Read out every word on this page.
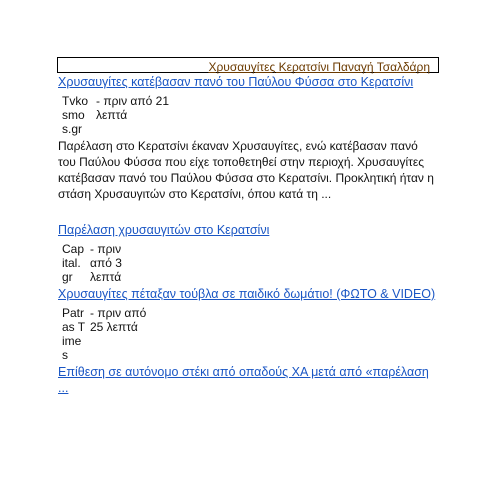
Χρυσαυγίτες Κερατσίνι Παναγή Τσαλδάρη
Χρυσαυγίτες κατέβασαν πανό του Παύλου Φύσσα στο Κερατσίνι
Tvkosmos.gr	- πριν από 21 λεπτά

Παρέλαση στο Κερατσίνι έκαναν Χρυσαυγίτες, ενώ κατέβασαν πανό του Παύλου Φύσσα που είχε τοποθετηθεί στην περιοχή. Χρυσαυγίτες κατέβασαν πανό του Παύλου Φύσσα στο Κερατσίνι. Προκλητική ήταν η στάση Χρυσαυγιτών στο Κερατσίνι, όπου κατά τη ...

Παρέλαση χρυσαυγιτών στο Κερατσίνι
Capital.gr	- πριν από 3 λεπτά
Χρυσαυγίτες πέταξαν τούβλα σε παιδικό δωμάτιο! (ΦΩΤΟ & VIDEO)
Patras Times	- πριν από 25 λεπτά
Επίθεση σε αυτόνομο στέκι από οπαδούς ΧΑ μετά από «παρέλαση ...
